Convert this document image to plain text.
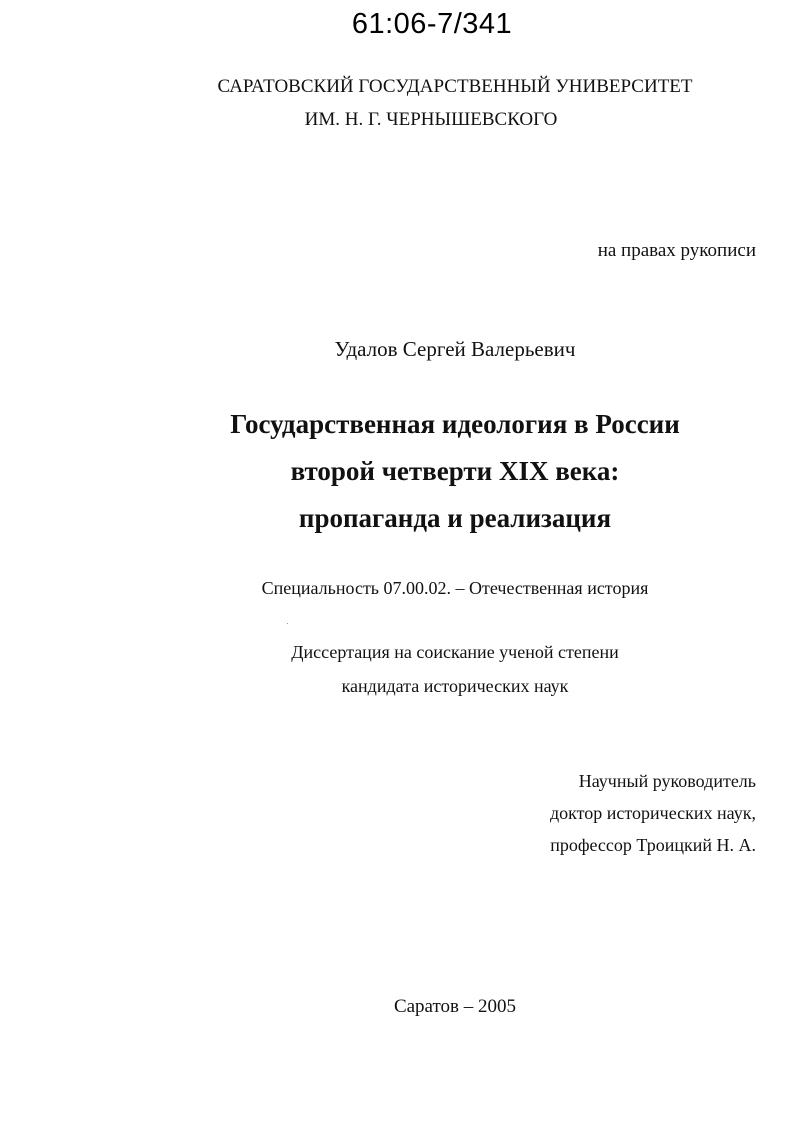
61:06-7/341
САРАТОВСКИЙ ГОСУДАРСТВЕННЫЙ УНИВЕРСИТЕТ
ИМ. Н. Г. ЧЕРНЫШЕВСКОГО
на правах рукописи
Удалов Сергей Валерьевич
Государственная идеология в России
второй четверти XIX века:
пропаганда и реализация
Специальность 07.00.02. – Отечественная история
Диссертация на соискание ученой степени
кандидата исторических наук
Научный руководитель
доктор исторических наук,
профессор Троицкий Н. А.
Саратов – 2005
